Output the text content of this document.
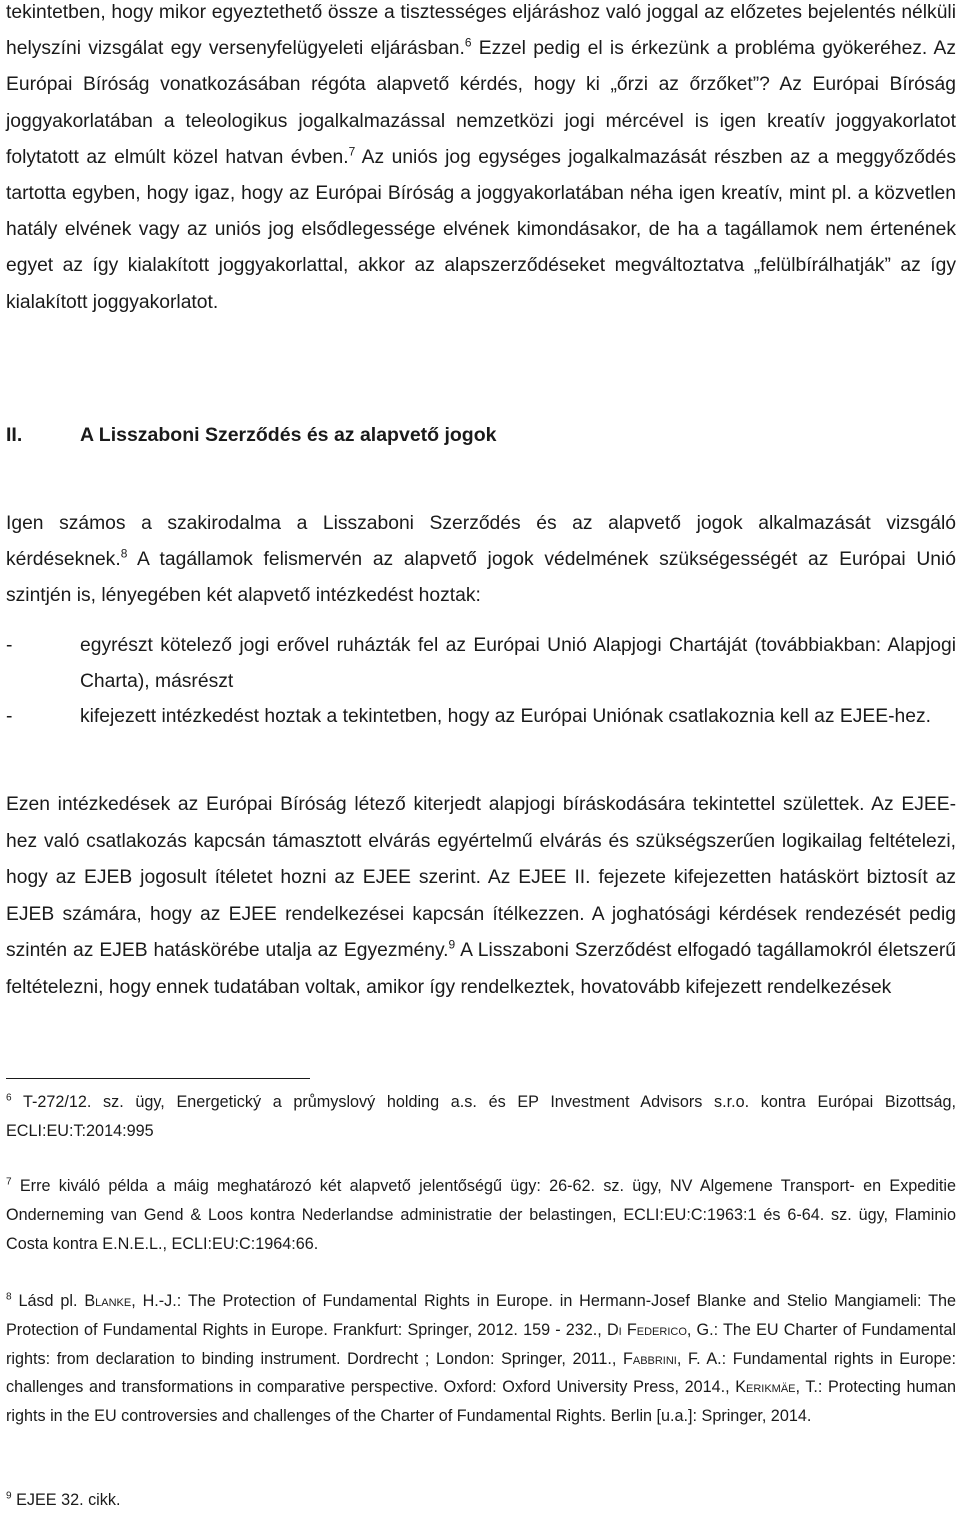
tekintetben, hogy mikor egyeztethető össze a tisztességes eljáráshoz való joggal az előzetes bejelentés nélküli helyszíni vizsgálat egy versenyfelügyeleti eljárásban.$^6$ Ezzel pedig el is érkezünk a probléma gyökeréhez. Az Európai Bíróság vonatkozásában régóta alapvető kérdés, hogy ki „őrzi az őrzőket”? Az Európai Bíróság joggyakorlatában a teleologikus jogalkalmazással nemzetközi jogi mércével is igen kreatív joggyakorlatot folytatott az elmúlt közel hatvan évben.$^7$ Az uniós jog egységes jogalkalmazását részben az a meggyőződés tartotta egyben, hogy igaz, hogy az Európai Bíróság a joggyakorlatában néha igen kreatív, mint pl. a közvetlen hatály elvének vagy az uniós jog elsődlegessége elvének kimondásakor, de ha a tagállamok nem értenének egyet az így kialakított joggyakorlattal, akkor az alapszerződéseket megváltoztatva „felülbírálhatják” az így kialakított joggyakorlatot.

II.	A Lisszaboni Szerződés és az alapvető jogok

Igen számos a szakirodalma a Lisszaboni Szerződés és az alapvető jogok alkalmazását vizsgáló kérdéseknek.$^8$ A tagállamok felismervén az alapvető jogok védelmének szükségességét az Európai Unió szintjén is, lényegében két alapvető intézkedést hoztak:

-	egyrészt kötelező jogi erővel ruházták fel az Európai Unió Alapjogi Chartáját (továbbiakban: Alapjogi Charta), másrészt
-	kifejezett intézkedést hoztak a tekintetben, hogy az Európai Uniónak csatlakoznia kell az EJEE-hez.

Ezen intézkedések az Európai Bíróság létező kiterjedt alapjogi bíráskodására tekintettel születtek. Az EJEE-hez való csatlakozás kapcsán támasztott elvárás egyértelmű elvárás és szükségszerűen logikailag feltételezi, hogy az EJEB jogosult ítéletet hozni az EJEE szerint. Az EJEE II. fejezete kifejezetten hatáskört biztosít az EJEB számára, hogy az EJEE rendelkezései kapcsán ítélkezzen. A joghatósági kérdések rendezését pedig szintén az EJEB hatáskörébe utalja az Egyezmény.$^9$ A Lisszaboni Szerződést elfogadó tagállamokról életszerű feltételezni, hogy ennek tudatában voltak, amikor így rendelkeztek, hovatovább kifejezett rendelkezések

$^6$ T-272/12. sz. ügy, Energetický a průmyslový holding a.s. és EP Investment Advisors s.r.o. kontra Európai Bizottság, ECLI:EU:T:2014:995

$^7$ Erre kiváló példa a máig meghatározó két alapvető jelentőségű ügy: 26-62. sz. ügy, NV Algemene Transport- en Expeditie Onderneming van Gend & Loos kontra Nederlandse administratie der belastingen, ECLI:EU:C:1963:1 és 6-64. sz. ügy, Flaminio Costa kontra E.N.E.L., ECLI:EU:C:1964:66.

$^8$ Lásd pl. Blanke, H.-J.: The Protection of Fundamental Rights in Europe. in Hermann-Josef Blanke and Stelio Mangiameli: The Protection of Fundamental Rights in Europe. Frankfurt: Springer, 2012. 159 - 232., Di Federico, G.: The EU Charter of Fundamental rights: from declaration to binding instrument. Dordrecht ; London: Springer, 2011., Fabbrini, F. A.: Fundamental rights in Europe: challenges and transformations in comparative perspective. Oxford: Oxford University Press, 2014., Kerikmäe, T.: Protecting human rights in the EU controversies and challenges of the Charter of Fundamental Rights. Berlin [u.a.]: Springer, 2014.

$^9$ EJEE 32. cikk.
